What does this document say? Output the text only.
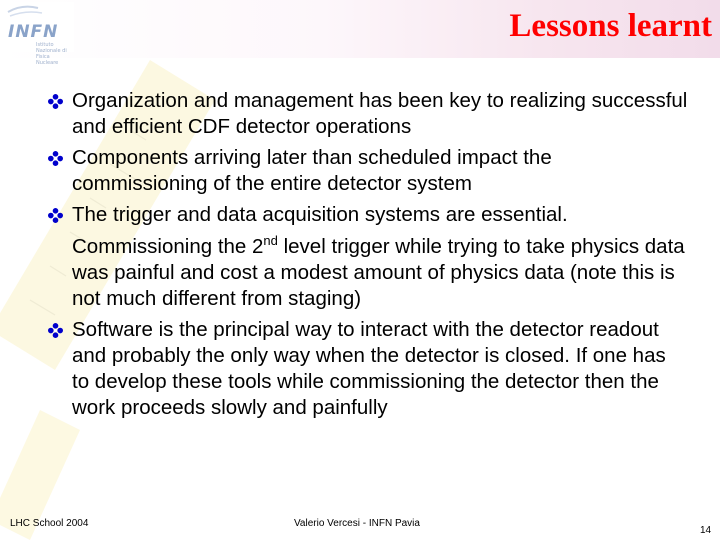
INFN
Istituto Nazionale di Fisica Nucleare
Lessons learnt
Organization and management has been key to realizing successful and efficient CDF detector operations
Components arriving later than scheduled impact the commissioning of the entire detector system
The trigger and data acquisition systems are essential. Commissioning the 2nd level trigger while trying to take physics data was painful and cost a modest amount of physics data (note this is not much different from staging)
Software is the principal way to interact with the detector readout and probably the only way when the detector is closed. If one has to develop these tools while commissioning the detector then the work proceeds slowly and painfully
LHC School 2004	Valerio Vercesi - INFN Pavia
14
